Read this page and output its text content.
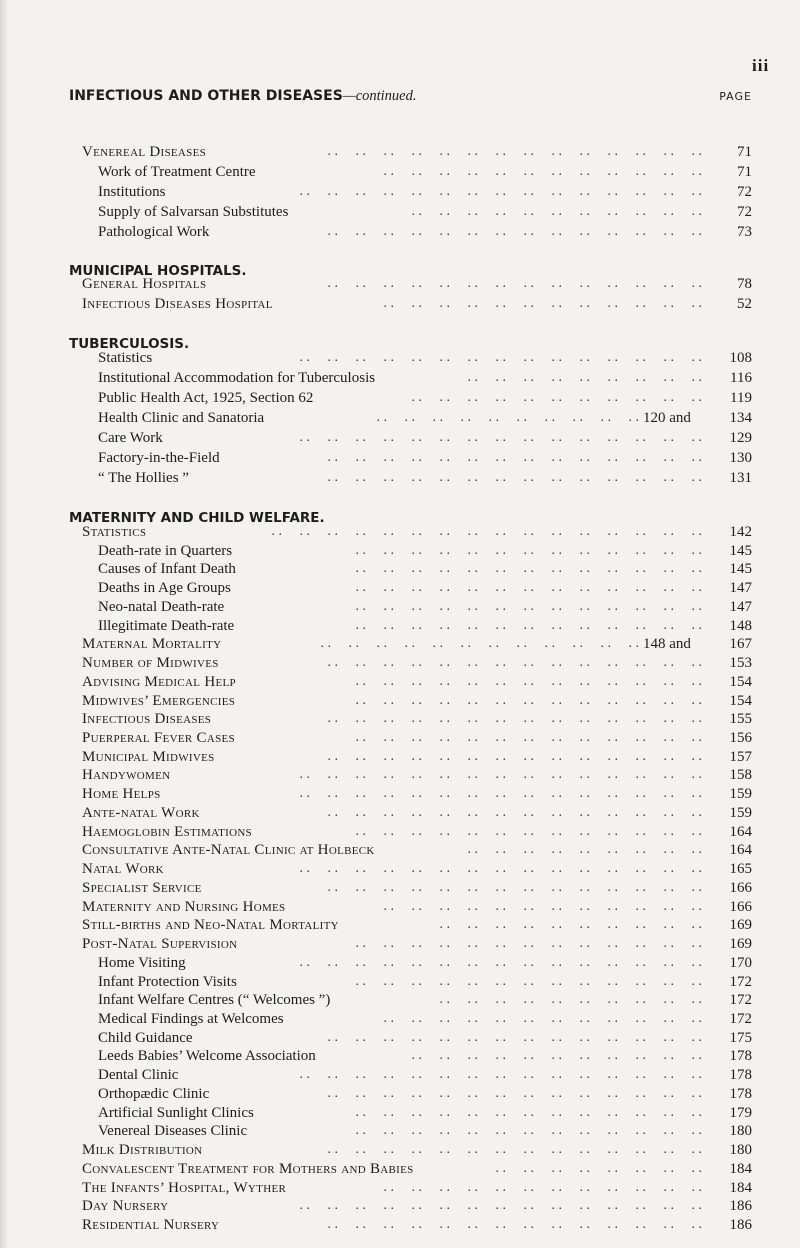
iii
INFECTIOUS AND OTHER DISEASES—continued.	PAGE
Venereal Diseases	. .  . .  . .  . .  . .  . .  . .  . .  . .  . .  . .  . .  . .  . . 	71
Work of Treatment Centre	. .  . .  . .  . .  . .  . .  . .  . .  . .  . .  . .  . . 	71
Institutions	. .  . .  . .  . .  . .  . .  . .  . .  . .  . .  . .  . .  . .  . .  . . 	72
Supply of Salvarsan Substitutes	. .  . .  . .  . .  . .  . .  . .  . .  . .  . .  . . 	72
Pathological Work	. .  . .  . .  . .  . .  . .  . .  . .  . .  . .  . .  . .  . .  . . 	73
MUNICIPAL HOSPITALS.
General Hospitals	. .  . .  . .  . .  . .  . .  . .  . .  . .  . .  . .  . .  . .  . . 	78
Infectious Diseases Hospital	. .  . .  . .  . .  . .  . .  . .  . .  . .  . .  . .  . . 	52
TUBERCULOSIS.
Statistics	. .  . .  . .  . .  . .  . .  . .  . .  . .  . .  . .  . .  . .  . .  . . 	108
Institutional Accommodation for Tuberculosis	. .  . .  . .  . .  . .  . .  . .  . .  . . 	116
Public Health Act, 1925, Section 62	. .  . .  . .  . .  . .  . .  . .  . .  . .  . .  . . 	119
Health Clinic and Sanatoria	. .  . .  . .  . .  . .  . .  . .  . .  . .  . .  120 and	134
Care Work	. .  . .  . .  . .  . .  . .  . .  . .  . .  . .  . .  . .  . .  . .  . . 	129
Factory-in-the-Field	. .  . .  . .  . .  . .  . .  . .  . .  . .  . .  . .  . .  . .  . . 	130
“ The Hollies ”	. .  . .  . .  . .  . .  . .  . .  . .  . .  . .  . .  . .  . .  . . 	131
MATERNITY AND CHILD WELFARE.
Statistics	. .  . .  . .  . .  . .  . .  . .  . .  . .  . .  . .  . .  . .  . .  . .  . . 	142
Death-rate in Quarters	. .  . .  . .  . .  . .  . .  . .  . .  . .  . .  . .  . .  . . 	145
Causes of Infant Death	. .  . .  . .  . .  . .  . .  . .  . .  . .  . .  . .  . .  . . 	145
Deaths in Age Groups	. .  . .  . .  . .  . .  . .  . .  . .  . .  . .  . .  . .  . . 	147
Neo-natal Death-rate	. .  . .  . .  . .  . .  . .  . .  . .  . .  . .  . .  . .  . . 	147
Illegitimate Death-rate	. .  . .  . .  . .  . .  . .  . .  . .  . .  . .  . .  . .  . . 	148
Maternal Mortality	. .  . .  . .  . .  . .  . .  . .  . .  . .  . .  . .  . .  148 and	167
Number of Midwives	. .  . .  . .  . .  . .  . .  . .  . .  . .  . .  . .  . .  . .  . . 	153
Advising Medical Help	. .  . .  . .  . .  . .  . .  . .  . .  . .  . .  . .  . .  . . 	154
Midwives’ Emergencies	. .  . .  . .  . .  . .  . .  . .  . .  . .  . .  . .  . .  . . 	154
Infectious Diseases	. .  . .  . .  . .  . .  . .  . .  . .  . .  . .  . .  . .  . .  . . 	155
Puerperal Fever Cases	. .  . .  . .  . .  . .  . .  . .  . .  . .  . .  . .  . .  . . 	156
Municipal Midwives	. .  . .  . .  . .  . .  . .  . .  . .  . .  . .  . .  . .  . .  . . 	157
Handywomen	. .  . .  . .  . .  . .  . .  . .  . .  . .  . .  . .  . .  . .  . .  . . 	158
Home Helps	. .  . .  . .  . .  . .  . .  . .  . .  . .  . .  . .  . .  . .  . .  . . 	159
Ante-natal Work	. .  . .  . .  . .  . .  . .  . .  . .  . .  . .  . .  . .  . .  . . 	159
Haemoglobin Estimations	. .  . .  . .  . .  . .  . .  . .  . .  . .  . .  . .  . .  . . 	164
Consultative Ante-Natal Clinic at Holbeck	. .  . .  . .  . .  . .  . .  . .  . .  . . 	164
Natal Work	. .  . .  . .  . .  . .  . .  . .  . .  . .  . .  . .  . .  . .  . .  . . 	165
Specialist Service	. .  . .  . .  . .  . .  . .  . .  . .  . .  . .  . .  . .  . .  . . 	166
Maternity and Nursing Homes	. .  . .  . .  . .  . .  . .  . .  . .  . .  . .  . .  . . 	166
Still-births and Neo-Natal Mortality	. .  . .  . .  . .  . .  . .  . .  . .  . .  . . 	169
Post-Natal Supervision	. .  . .  . .  . .  . .  . .  . .  . .  . .  . .  . .  . .  . . 	169
Home Visiting	. .  . .  . .  . .  . .  . .  . .  . .  . .  . .  . .  . .  . .  . .  . . 	170
Infant Protection Visits	. .  . .  . .  . .  . .  . .  . .  . .  . .  . .  . .  . .  . . 	172
Infant Welfare Centres (“ Welcomes ”)	. .  . .  . .  . .  . .  . .  . .  . .  . .  . . 	172
Medical Findings at Welcomes	. .  . .  . .  . .  . .  . .  . .  . .  . .  . .  . .  . . 	172
Child Guidance	. .  . .  . .  . .  . .  . .  . .  . .  . .  . .  . .  . .  . .  . . 	175
Leeds Babies’ Welcome Association	. .  . .  . .  . .  . .  . .  . .  . .  . .  . .  . . 	178
Dental Clinic	. .  . .  . .  . .  . .  . .  . .  . .  . .  . .  . .  . .  . .  . .  . . 	178
Orthopædic Clinic	. .  . .  . .  . .  . .  . .  . .  . .  . .  . .  . .  . .  . .  . . 	178
Artificial Sunlight Clinics	. .  . .  . .  . .  . .  . .  . .  . .  . .  . .  . .  . .  . . 	179
Venereal Diseases Clinic	. .  . .  . .  . .  . .  . .  . .  . .  . .  . .  . .  . .  . . 	180
Milk Distribution	. .  . .  . .  . .  . .  . .  . .  . .  . .  . .  . .  . .  . .  . . 	180
Convalescent Treatment for Mothers and Babies	. .  . .  . .  . .  . .  . .  . .  . . 	184
The Infants’ Hospital, Wyther	. .  . .  . .  . .  . .  . .  . .  . .  . .  . .  . .  . . 	184
Day Nursery	. .  . .  . .  . .  . .  . .  . .  . .  . .  . .  . .  . .  . .  . .  . . 	186
Residential Nursery	. .  . .  . .  . .  . .  . .  . .  . .  . .  . .  . .  . .  . .  . . 	186
